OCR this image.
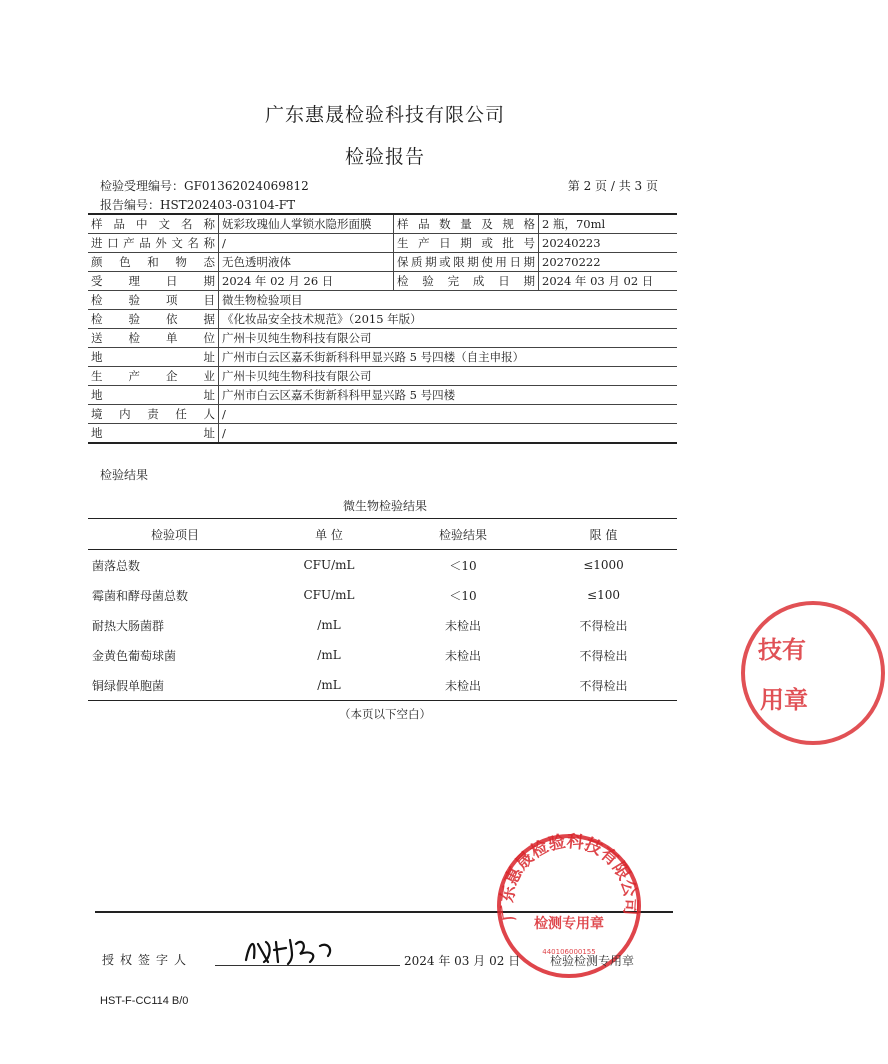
广东惠晟检验科技有限公司
检验报告
检验受理编号：GF01362024069812	第 2 页 / 共 3 页
报告编号：HST202403-03104-FT
样品中文名称	妩彩玫瑰仙人掌锁水隐形面膜	样品数量及规格	2 瓶，70ml
进口产品外文名称	/	生产日期或批号	20240223
颜色和物态	无色透明液体	保质期或限期使用日期	20270222
受理日期	2024 年 02 月 26 日	检验完成日期	2024 年 03 月 02 日
检验项目	微生物检验项目		
检验依据	《化妆品安全技术规范》（2015 年版）		
送检单位	广州卡贝纯生物科技有限公司		
地址	广州市白云区嘉禾街新科科甲显兴路 5 号四楼（自主申报）		
生产企业	广州卡贝纯生物科技有限公司		
地址	广州市白云区嘉禾街新科科甲显兴路 5 号四楼		
境内责任人	/		
地址	/		
检验结果
微生物检验结果
检验项目	单 位	检验结果	限 值
菌落总数	CFU/mL	＜10	≤1000
霉菌和酵母菌总数	CFU/mL	＜10	≤100
耐热大肠菌群	/mL	未检出	不得检出
金黄色葡萄球菌	/mL	未检出	不得检出
铜绿假单胞菌	/mL	未检出	不得检出
（本页以下空白）
技有
用章
广东惠晟检验科技有限公司
检测专用章
440106000155
授权签字人	2024 年 03 月 02 日 检验检测专用章
HST-F-CC114 B/0
